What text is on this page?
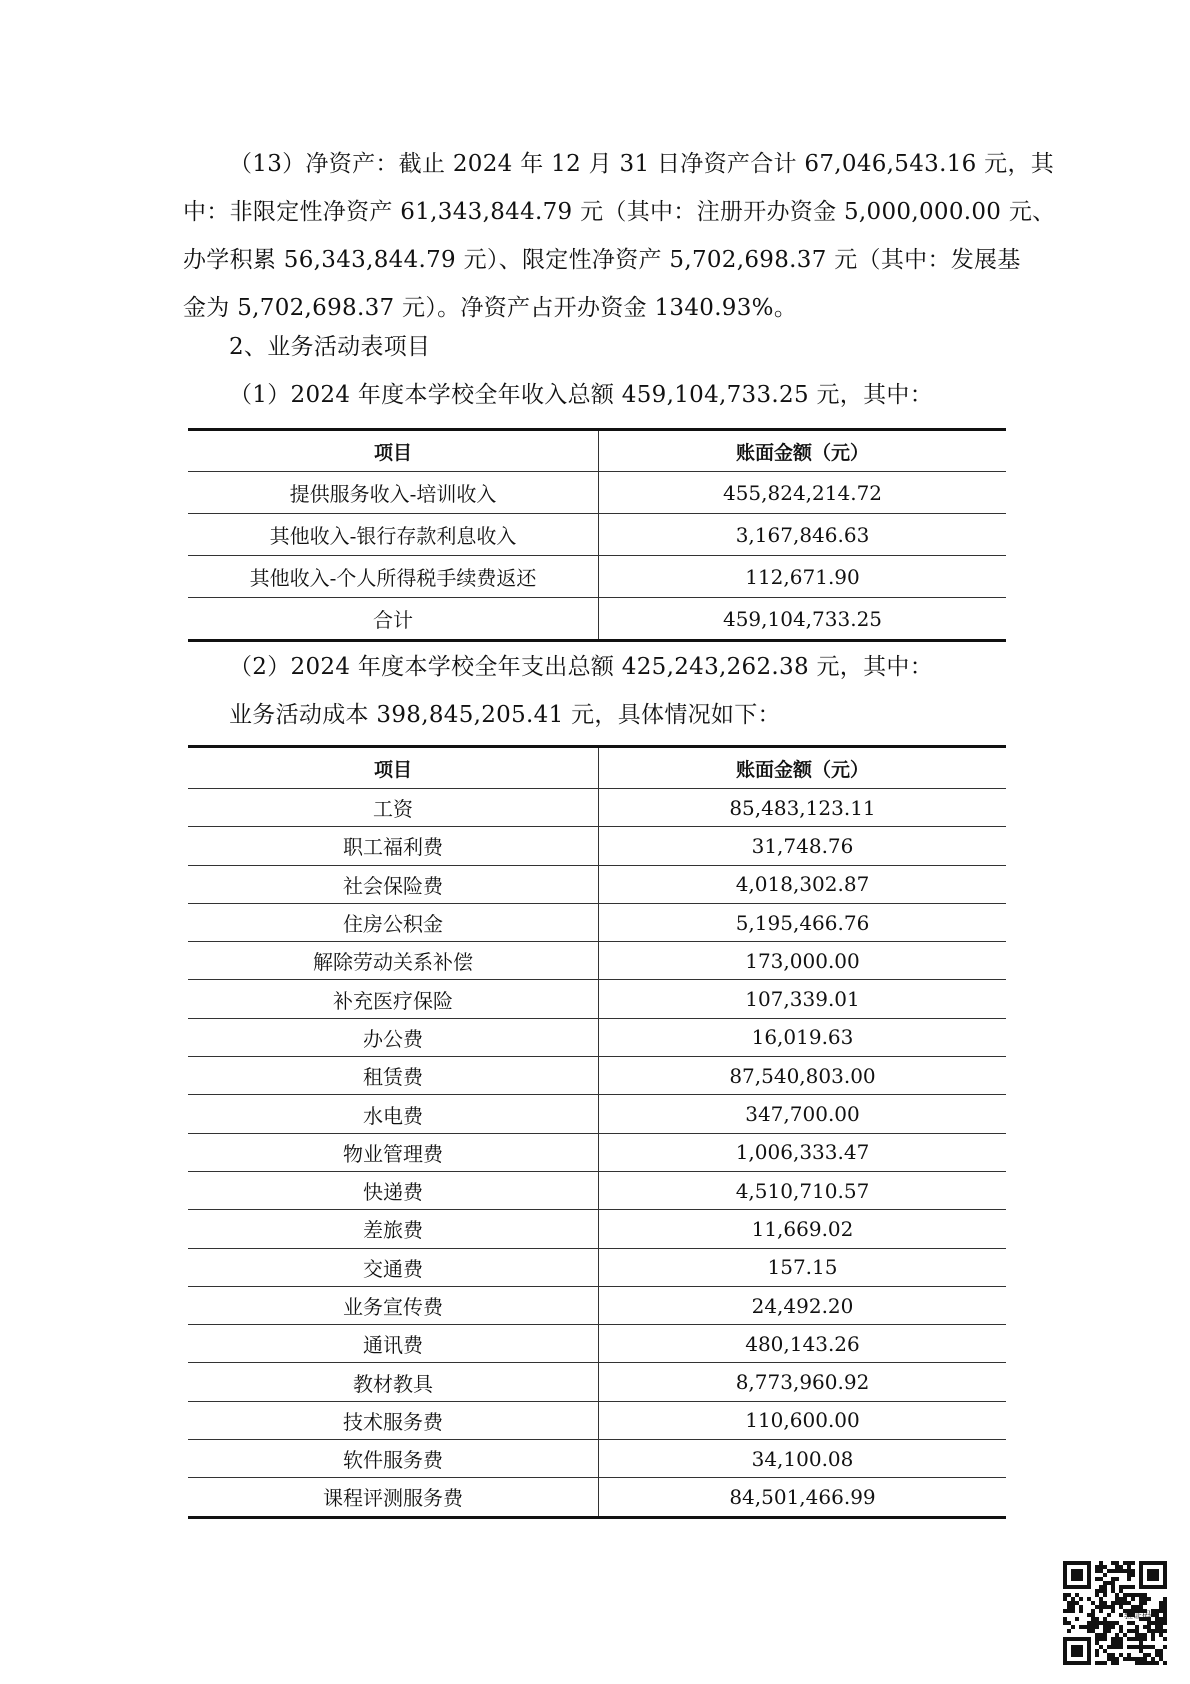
（13）净资产：截止 2024 年 12 月 31 日净资产合计 67,046,543.16 元，其
中：非限定性净资产 61,343,844.79 元（其中：注册开办资金 5,000,000.00 元、
办学积累 56,343,844.79 元）、限定性净资产 5,702,698.37 元（其中：发展基
金为 5,702,698.37 元）。净资产占开办资金 1340.93%。
2、业务活动表项目
（1）2024 年度本学校全年收入总额 459,104,733.25 元，其中：
项目	账面金额（元）
提供服务收入-培训收入	455,824,214.72
其他收入-银行存款利息收入	3,167,846.63
其他收入-个人所得税手续费返还	112,671.90
合计	459,104,733.25
（2）2024 年度本学校全年支出总额 425,243,262.38 元，其中：
业务活动成本 398,845,205.41 元，具体情况如下：
项目	账面金额（元）
工资	85,483,123.11
职工福利费	31,748.76
社会保险费	4,018,302.87
住房公积金	5,195,466.76
解除劳动关系补偿	173,000.00
补充医疗保险	107,339.01
办公费	16,019.63
租赁费	87,540,803.00
水电费	347,700.00
物业管理费	1,006,333.47
快递费	4,510,710.57
差旅费	11,669.02
交通费	157.15
业务宣传费	24,492.20
通讯费	480,143.26
教材教具	8,773,960.92
技术服务费	110,600.00
软件服务费	34,100.08
课程评测服务费	84,501,466.99
验证码
